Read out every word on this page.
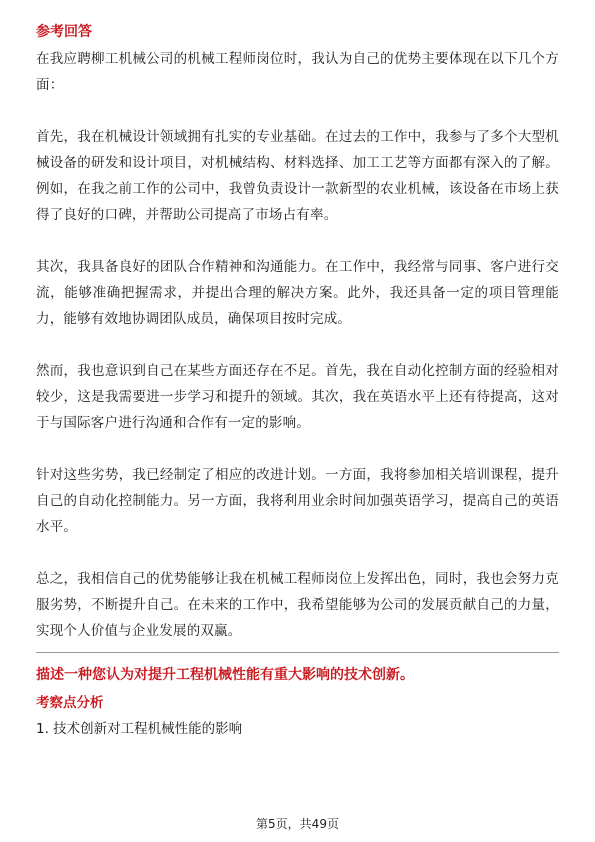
参考回答

在我应聘柳工机械公司的机械工程师岗位时，我认为自己的优势主要体现在以下几个方面：

首先，我在机械设计领域拥有扎实的专业基础。在过去的工作中，我参与了多个大型机械设备的研发和设计项目，对机械结构、材料选择、加工工艺等方面都有深入的了解。例如，在我之前工作的公司中，我曾负责设计一款新型的农业机械，该设备在市场上获得了良好的口碑，并帮助公司提高了市场占有率。

其次，我具备良好的团队合作精神和沟通能力。在工作中，我经常与同事、客户进行交流，能够准确把握需求，并提出合理的解决方案。此外，我还具备一定的项目管理能力，能够有效地协调团队成员，确保项目按时完成。

然而，我也意识到自己在某些方面还存在不足。首先，我在自动化控制方面的经验相对较少，这是我需要进一步学习和提升的领域。其次，我在英语水平上还有待提高，这对于与国际客户进行沟通和合作有一定的影响。

针对这些劣势，我已经制定了相应的改进计划。一方面，我将参加相关培训课程，提升自己的自动化控制能力。另一方面，我将利用业余时间加强英语学习，提高自己的英语水平。

总之，我相信自己的优势能够让我在机械工程师岗位上发挥出色，同时，我也会努力克服劣势，不断提升自己。在未来的工作中，我希望能够为公司的发展贡献自己的力量，实现个人价值与企业发展的双赢。

描述一种您认为对提升工程机械性能有重大影响的技术创新。

考察点分析

1. 技术创新对工程机械性能的影响

第5页，共49页
